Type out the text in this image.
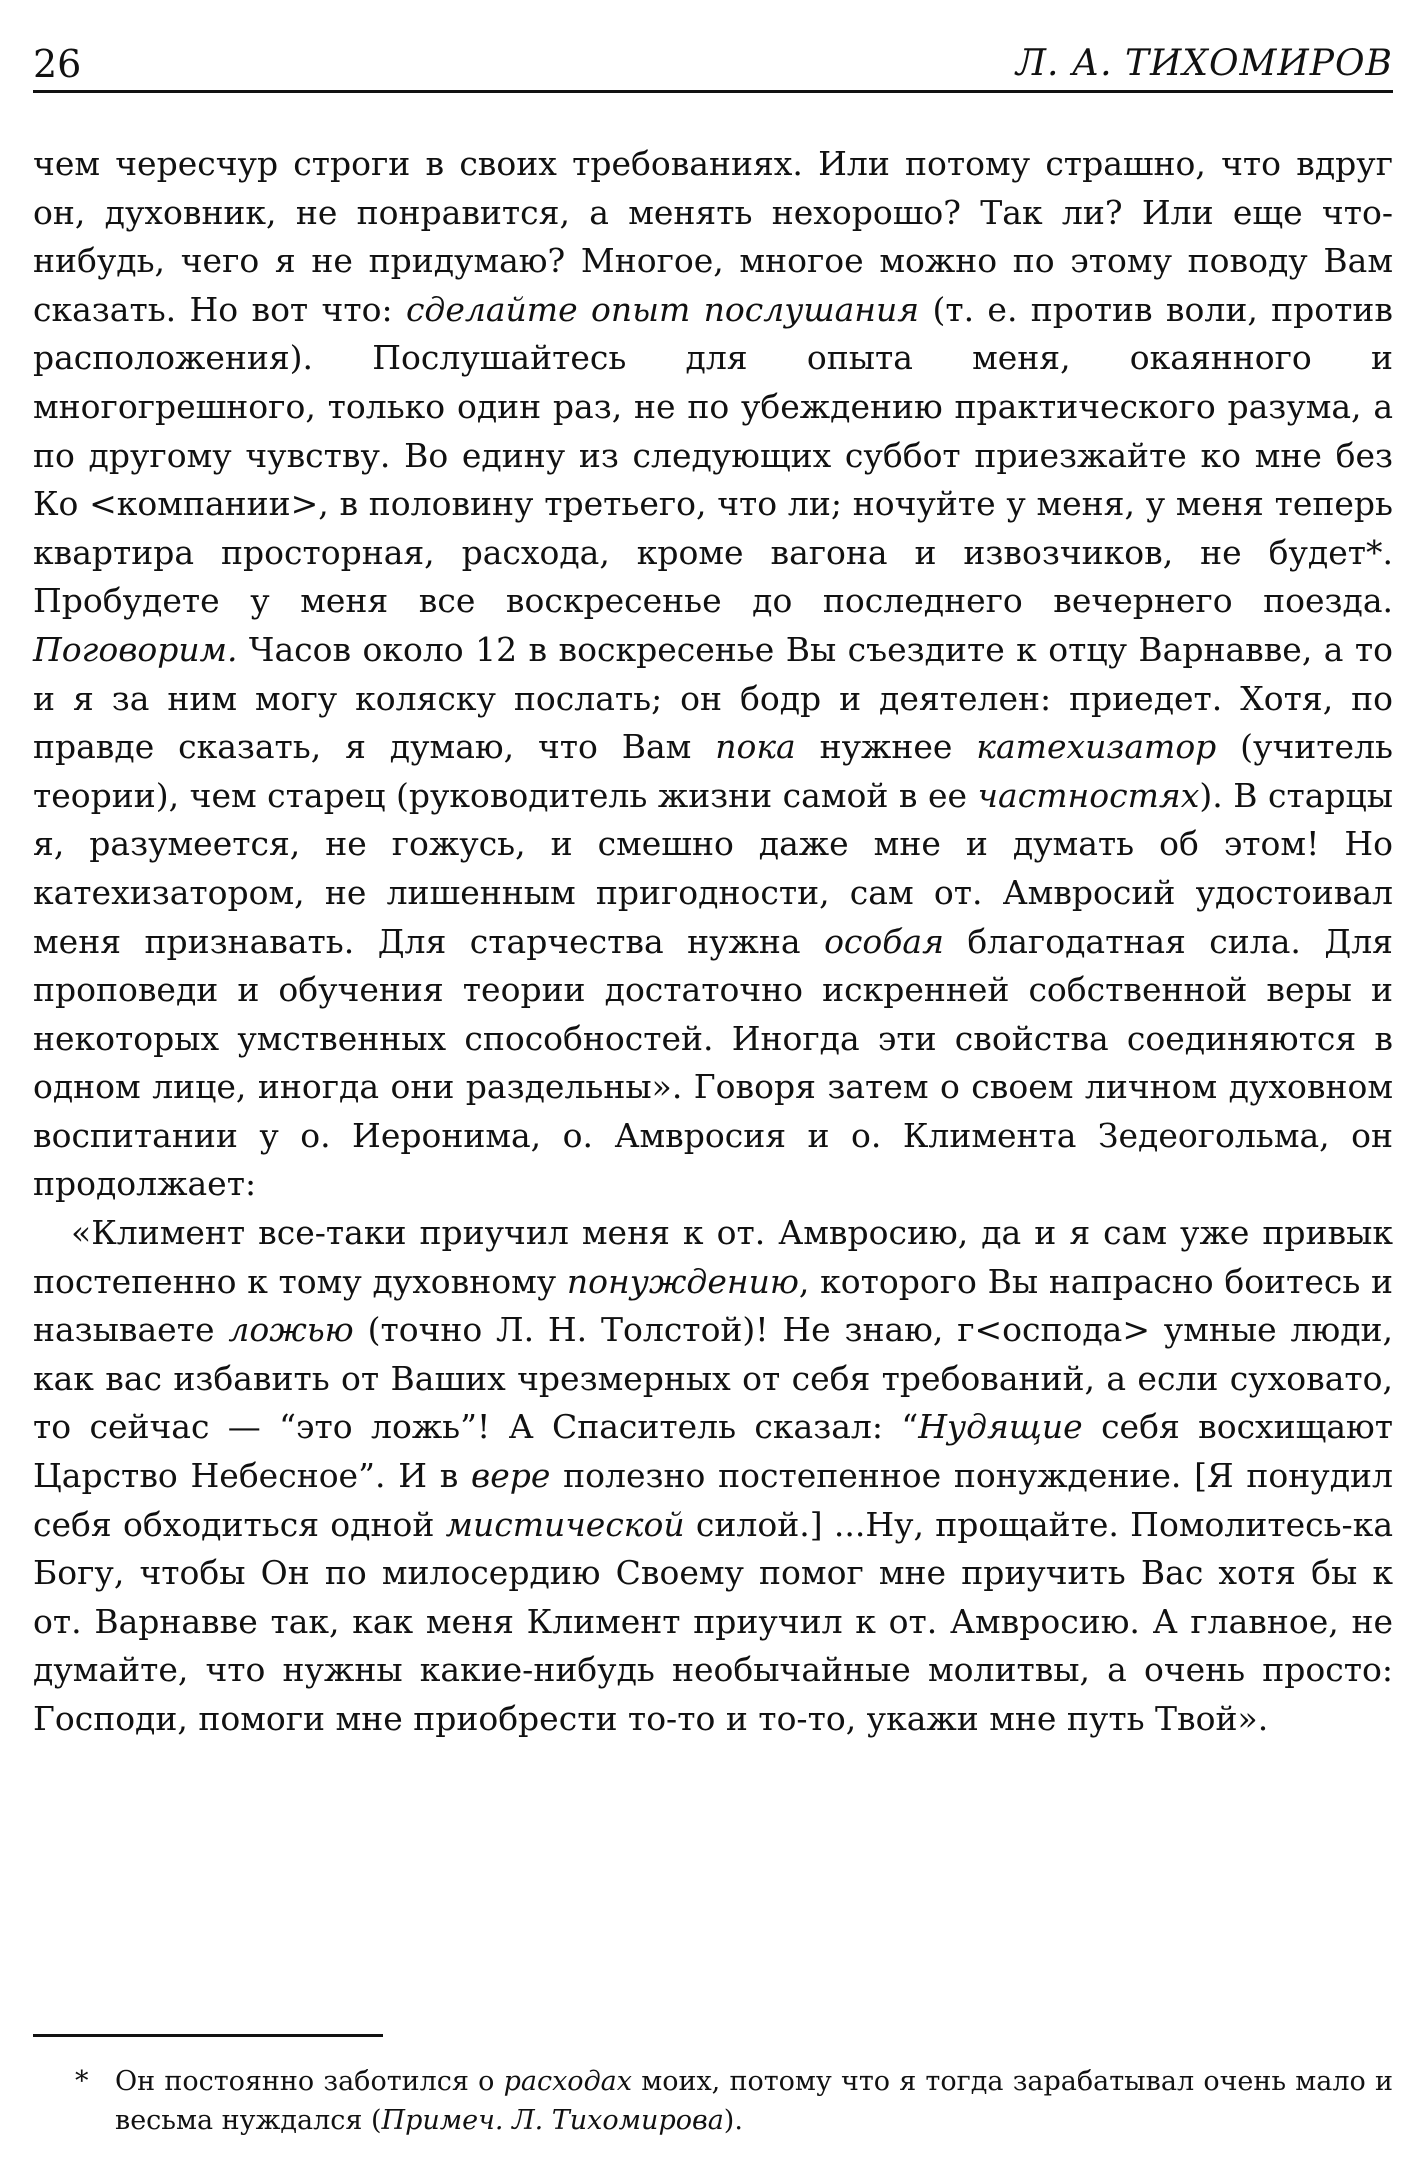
26	Л. А. ТИХОМИРОВ

чем чересчур строги в своих требованиях. Или потому страшно, что вдруг он, духовник, не понравится, а менять нехорошо? Так ли? Или еще что-нибудь, чего я не придумаю? Многое, многое можно по этому поводу Вам сказать. Но вот что: сделайте опыт послушания (т. е. против воли, против расположения). Послушайтесь для опыта меня, окаянного и многогрешного, только один раз, не по убеждению практического разума, а по другому чувству. Во едину из следующих суббот приезжайте ко мне без Ко <компании>, в половину третьего, что ли; ночуйте у меня, у меня теперь квартира просторная, расхода, кроме вагона и извозчиков, не будет*. Пробудете у меня все воскресенье до последнего вечернего поезда. Поговорим. Часов около 12 в воскресенье Вы съездите к отцу Варнавве, а то и я за ним могу коляску послать; он бодр и деятелен: приедет. Хотя, по правде сказать, я думаю, что Вам пока нужнее катехизатор (учитель теории), чем старец (руководитель жизни самой в ее частностях). В старцы я, разумеется, не гожусь, и смешно даже мне и думать об этом! Но катехизатором, не лишенным пригодности, сам от. Амвросий удостоивал меня признавать. Для старчества нужна особая благодатная сила. Для проповеди и обучения теории достаточно искренней собственной веры и некоторых умственных способностей. Иногда эти свойства соединяются в одном лице, иногда они раздельны». Говоря затем о своем личном духовном воспитании у о. Иеронима, о. Амвросия и о. Климента Зедеогольма, он продолжает:

«Климент все-таки приучил меня к от. Амвросию, да и я сам уже привык постепенно к тому духовному понуждению, которого Вы напрасно боитесь и называете ложью (точно Л. Н. Толстой)! Не знаю, г<оспода> умные люди, как вас избавить от Ваших чрезмерных от себя требований, а если суховато, то сейчас — “это ложь”! А Спаситель сказал: “Нудящие себя восхищают Царство Небесное”. И в вере полезно постепенное понуждение. [Я понудил себя обходиться одной мистической силой.] ...Ну, прощайте. Помолитесь-ка Богу, чтобы Он по милосердию Своему помог мне приучить Вас хотя бы к от. Варнавве так, как меня Климент приучил к от. Амвросию. А главное, не думайте, что нужны какие-нибудь необычайные молитвы, а очень просто: Господи, помоги мне приобрести то-то и то-то, укажи мне путь Твой».

* Он постоянно заботился о расходах моих, потому что я тогда зарабатывал очень мало и весьма нуждался (Примеч. Л. Тихомирова).
